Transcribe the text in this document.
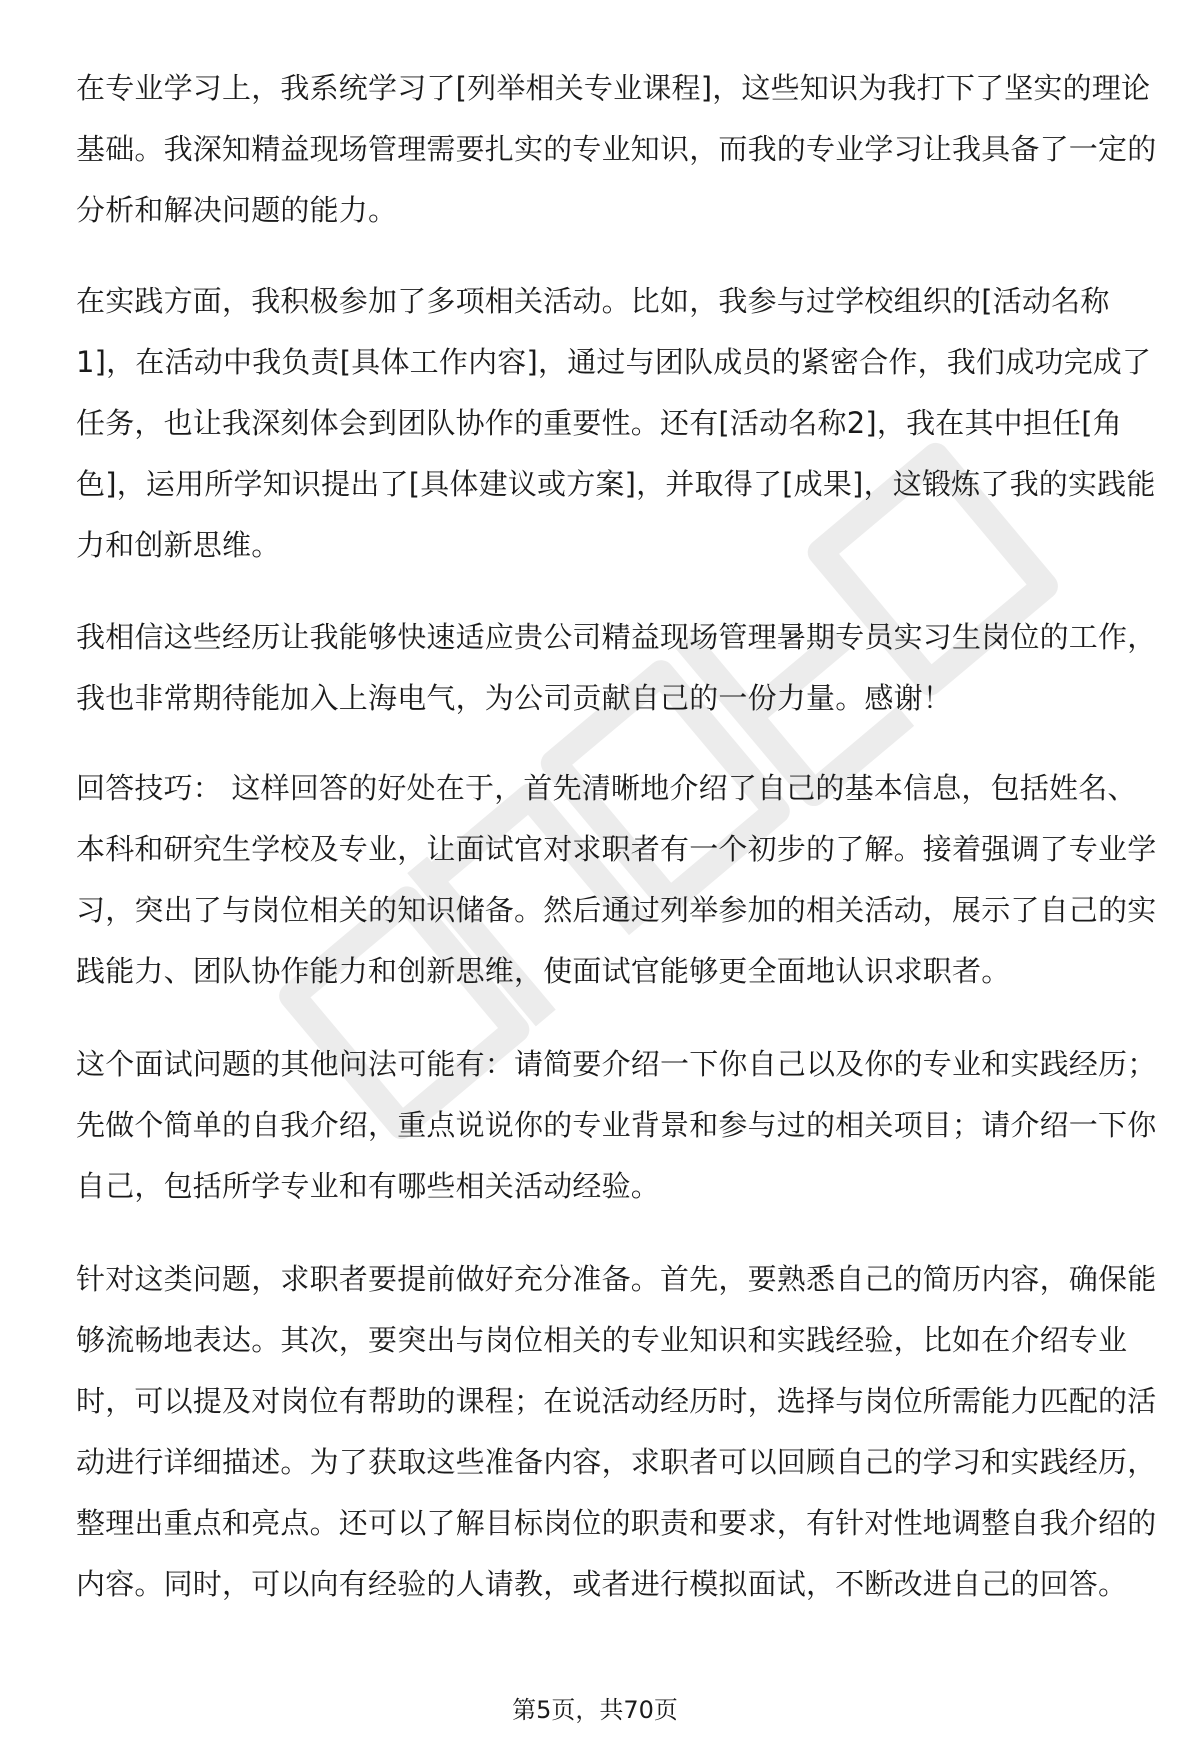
在专业学习上，我系统学习了[列举相关专业课程]，这些知识为我打下了坚实的理论基础。我深知精益现场管理需要扎实的专业知识，而我的专业学习让我具备了一定的分析和解决问题的能力。

在实践方面，我积极参加了多项相关活动。比如，我参与过学校组织的[活动名称1]，在活动中我负责[具体工作内容]，通过与团队成员的紧密合作，我们成功完成了任务，也让我深刻体会到团队协作的重要性。还有[活动名称2]，我在其中担任[角色]，运用所学知识提出了[具体建议或方案]，并取得了[成果]，这锻炼了我的实践能力和创新思维。

我相信这些经历让我能够快速适应贵公司精益现场管理暑期专员实习生岗位的工作，我也非常期待能加入上海电气，为公司贡献自己的一份力量。感谢！

回答技巧： 这样回答的好处在于，首先清晰地介绍了自己的基本信息，包括姓名、本科和研究生学校及专业，让面试官对求职者有一个初步的了解。接着强调了专业学习，突出了与岗位相关的知识储备。然后通过列举参加的相关活动，展示了自己的实践能力、团队协作能力和创新思维，使面试官能够更全面地认识求职者。

这个面试问题的其他问法可能有：请简要介绍一下你自己以及你的专业和实践经历；先做个简单的自我介绍，重点说说你的专业背景和参与过的相关项目；请介绍一下你自己，包括所学专业和有哪些相关活动经验。

针对这类问题，求职者要提前做好充分准备。首先，要熟悉自己的简历内容，确保能够流畅地表达。其次，要突出与岗位相关的专业知识和实践经验，比如在介绍专业时，可以提及对岗位有帮助的课程；在说活动经历时，选择与岗位所需能力匹配的活动进行详细描述。为了获取这些准备内容，求职者可以回顾自己的学习和实践经历，整理出重点和亮点。还可以了解目标岗位的职责和要求，有针对性地调整自我介绍的内容。同时，可以向有经验的人请教，或者进行模拟面试，不断改进自己的回答。

第5页，共70页
